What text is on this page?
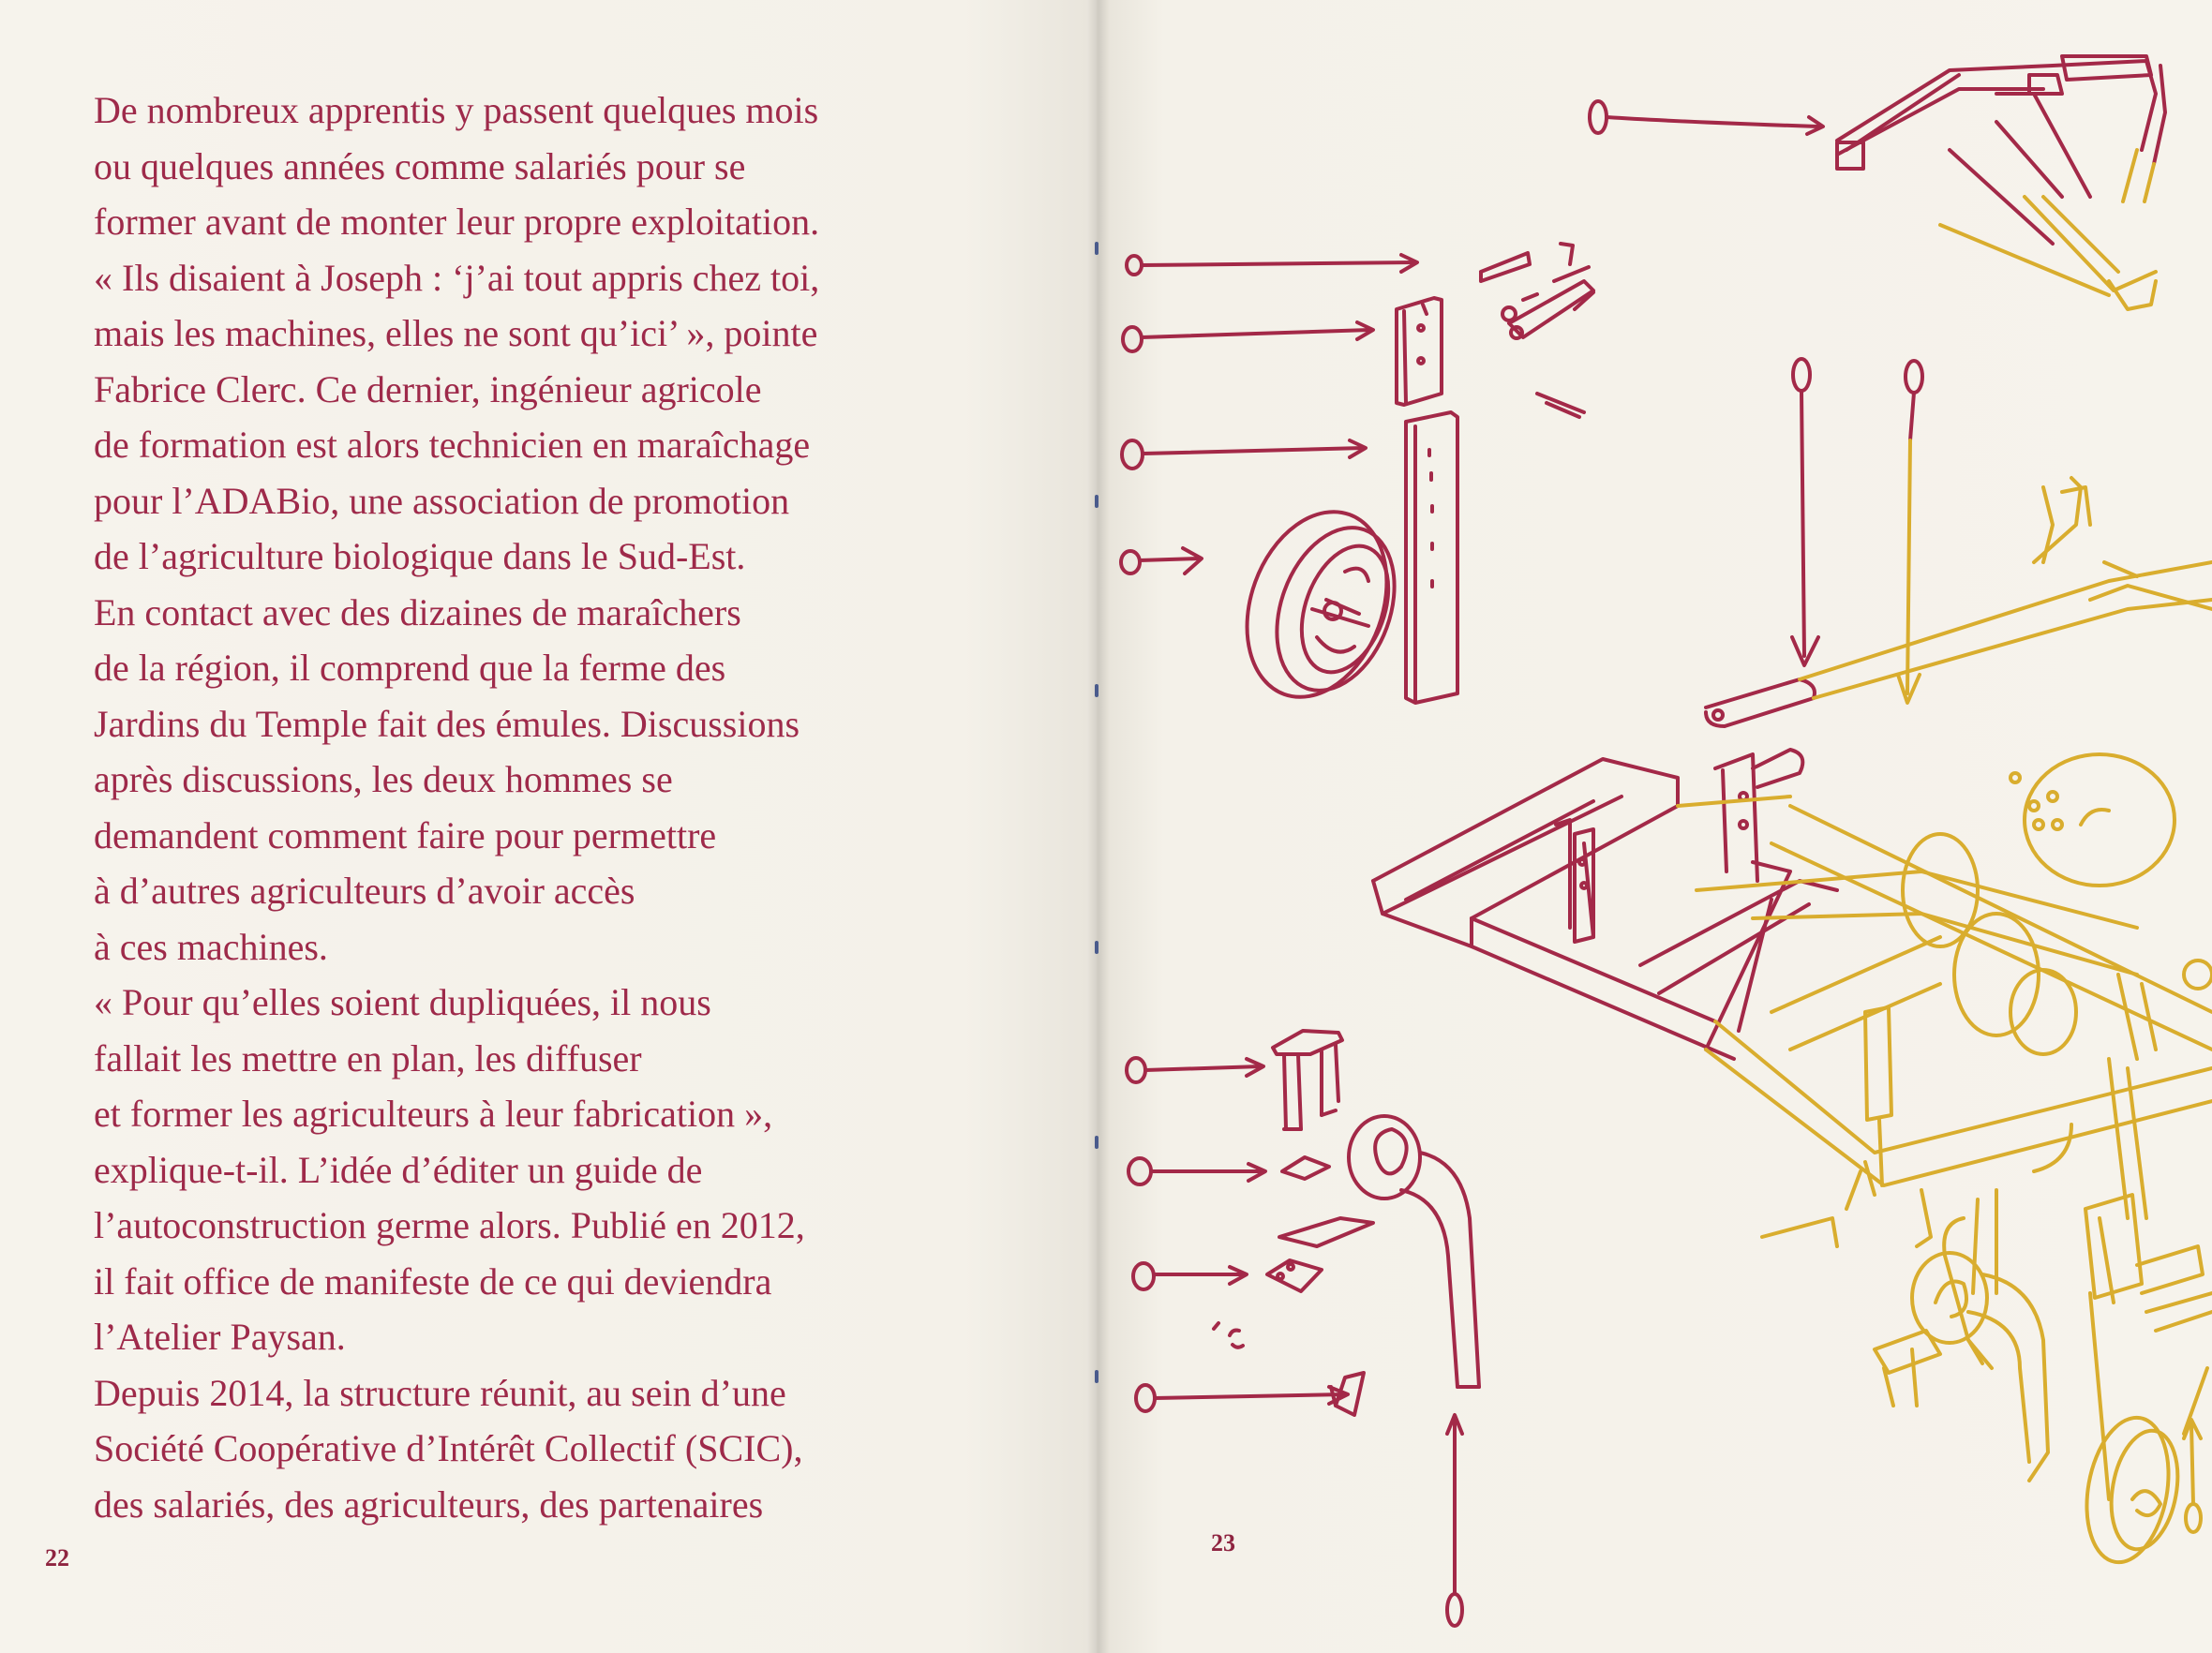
De nombreux apprentis y passent quelques mois
ou quelques années comme salariés pour se
former avant de monter leur propre exploitation.
« Ils disaient à Joseph : ‘j’ai tout appris chez toi,
mais les machines, elles ne sont qu’ici’ », pointe
Fabrice Clerc. Ce dernier, ingénieur agricole
de formation est alors technicien en maraîchage
pour l’ADABio, une association de promotion
de l’agriculture biologique dans le Sud-Est.
En contact avec des dizaines de maraîchers
de la région, il comprend que la ferme des
Jardins du Temple fait des émules. Discussions
après discussions, les deux hommes se
demandent comment faire pour permettre
à d’autres agriculteurs d’avoir accès
à ces machines.
« Pour qu’elles soient dupliquées, il nous
fallait les mettre en plan, les diffuser
et former les agriculteurs à leur fabrication »,
explique-t-il. L’idée d’éditer un guide de
l’autoconstruction germe alors. Publié en 2012,
il fait office de manifeste de ce qui deviendra
l’Atelier Paysan.
Depuis 2014, la structure réunit, au sein d’une
Société Coopérative d’Intérêt Collectif (SCIC),
des salariés, des agriculteurs, des partenaires

22
23
